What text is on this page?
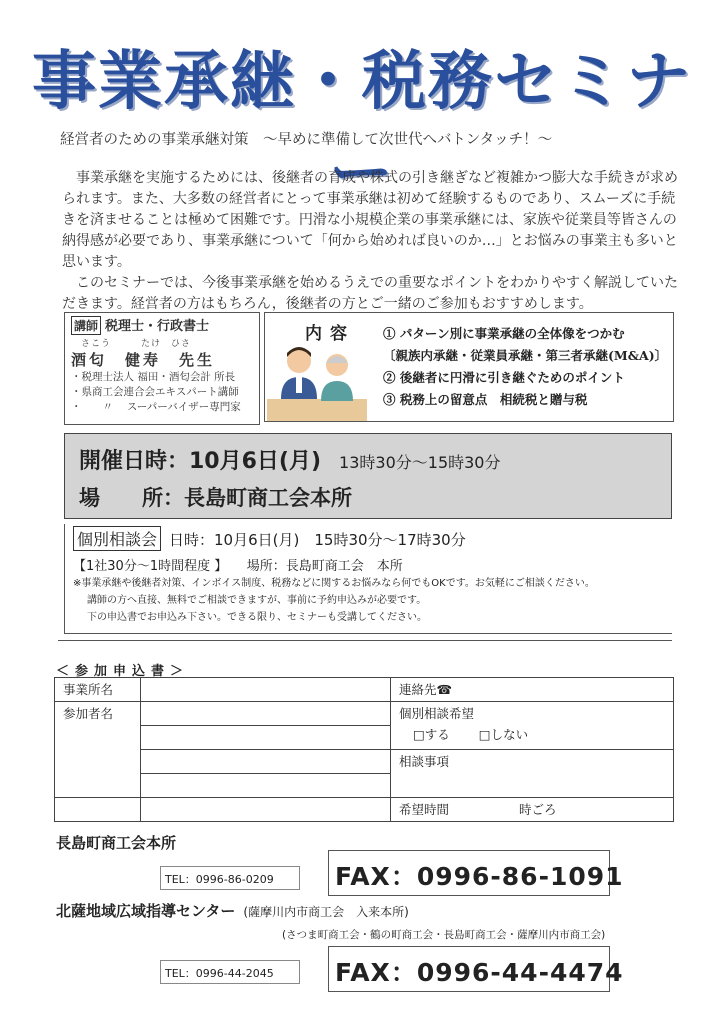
事業承継・税務セミナー
経営者のための事業承継対策　～早めに準備して次世代へバトンタッチ！～

事業承継を実施するためには、後継者の育成や株式の引き継ぎなど複雑かつ膨大な手続きが求められます。また、大多数の経営者にとって事業承継は初めて経験するものであり、スムーズに手続きを済ませることは極めて困難です。円滑な小規模企業の事業承継には、家族や従業員等皆さんの納得感が必要であり、事業承継について「何から始めれば良いのか…」とお悩みの事業主も多いと思います。

このセミナーでは、今後事業承継を始めるうえでの重要なポイントをわかりやすく解説していただきます。経営者の方はもちろん，後継者の方とご一緒のご参加もおすすめします。

講師 税理士・行政書士
さこう　　　たけ　ひさ
酒匂　健寿　先生
・税理士法人 福田・酒匂会計 所長
・県商工会連合会エキスパート講師
・　　〃　 スーパーバイザー専門家
内容 ① パターン別に事業承継の全体像をつかむ
〔親族内承継・従業員承継・第三者承継(M&A)〕
② 後継者に円滑に引き継ぐためのポイント
③ 税務上の留意点　相続税と贈与税
開催日時：10月6日(月) 13時30分～15時30分
場　　所：長島町商工会本所
個別相談会 日時：10月6日(月)　15時30分～17時30分
【1社30分～1時間程度 】　　 場所：長島町商工会　本所
※事業承継や後継者対策、インボイス制度、税務などに関するお悩みなら何でもOKです。お気軽にご相談ください。
講師の方へ直接、無料でご相談できますが、事前に予約申込みが必要です。
下の申込書でお申込み下さい。できる限り、セミナーも受講してください。
＜参加申込書＞
事業所名		連絡先☎
参加者名		個別相談希望
□する　　 □しない

		相談事項

		希望時間 時ごろ
長島町商工会本所
TEL：0996-86-0209	FAX：0996-86-1091
北薩地域広域指導センター (薩摩川内市商工会　入来本所)
(さつま町商工会・鶴の町商工会・長島町商工会・薩摩川内市商工会)
TEL：0996-44-2045	FAX：0996-44-4474
